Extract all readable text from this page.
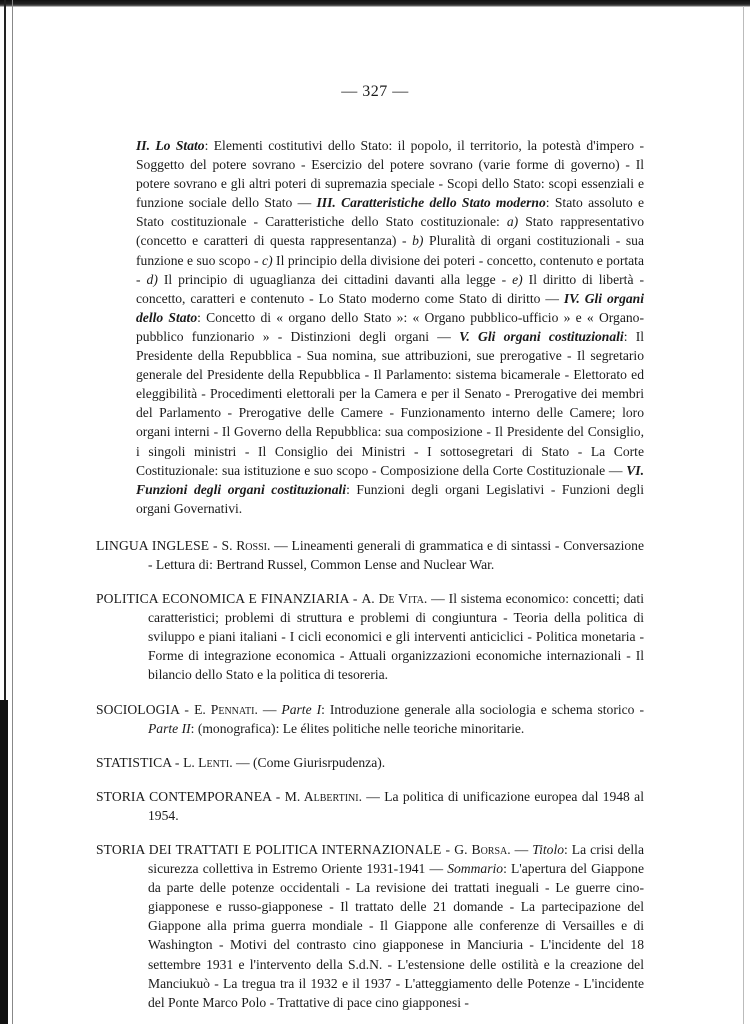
— 327 —

II. Lo Stato: Elementi costitutivi dello Stato: il popolo, il territorio, la potestà d'impero - Soggetto del potere sovrano - Esercizio del potere sovrano (varie forme di governo) - Il potere sovrano e gli altri poteri di supremazia speciale - Scopi dello Stato: scopi essenziali e funzione sociale dello Stato — III. Caratteristiche dello Stato moderno: Stato assoluto e Stato costituzionale - Caratteristiche dello Stato costituzionale: a) Stato rappresentativo (concetto e caratteri di questa rappresentanza) - b) Pluralità di organi costituzionali - sua funzione e suo scopo - c) Il principio della divisione dei poteri - concetto, contenuto e portata - d) Il principio di uguaglianza dei cittadini davanti alla legge - e) Il diritto di libertà - concetto, caratteri e contenuto - Lo Stato moderno come Stato di diritto — IV. Gli organi dello Stato: Concetto di « organo dello Stato »: « Organo pubblico-ufficio » e « Organo-pubblico funzionario » - Distinzioni degli organi — V. Gli organi costituzionali: Il Presidente della Repubblica - Sua nomina, sue attribuzioni, sue prerogative - Il segretario generale del Presidente della Repubblica - Il Parlamento: sistema bicamerale - Elettorato ed eleggibilità - Procedimenti elettorali per la Camera e per il Senato - Prerogative dei membri del Parlamento - Prerogative delle Camere - Funzionamento interno delle Camere; loro organi interni - Il Governo della Repubblica: sua composizione - Il Presidente del Consiglio, i singoli ministri - Il Consiglio dei Ministri - I sottosegretari di Stato - La Corte Costituzionale: sua istituzione e suo scopo - Composizione della Corte Costituzionale — VI. Funzioni degli organi costituzionali: Funzioni degli organi Legislativi - Funzioni degli organi Governativi.

LINGUA INGLESE - S. Rossi. — Lineamenti generali di grammatica e di sintassi - Conversazione - Lettura di: Bertrand Russel, Common Lense and Nuclear War.

POLITICA ECONOMICA E FINANZIARIA - A. De Vita. — Il sistema economico: concetti; dati caratteristici; problemi di struttura e problemi di congiuntura - Teoria della politica di sviluppo e piani italiani - I cicli economici e gli interventi anticiclici - Politica monetaria - Forme di integrazione economica - Attuali organizzazioni economiche internazionali - Il bilancio dello Stato e la politica di tesoreria.

SOCIOLOGIA - E. Pennati. — Parte I: Introduzione generale alla sociologia e schema storico - Parte II: (monografica): Le élites politiche nelle teoriche minoritarie.

STATISTICA - L. Lenti. — (Come Giurisrpudenza).

STORIA CONTEMPORANEA - M. Albertini. — La politica di unificazione europea dal 1948 al 1954.

STORIA DEI TRATTATI E POLITICA INTERNAZIONALE - G. Borsa. — Titolo: La crisi della sicurezza collettiva in Estremo Oriente 1931-1941 — Sommario: L'apertura del Giappone da parte delle potenze occidentali - La revisione dei trattati ineguali - Le guerre cino-giapponese e russo-giapponese - Il trattato delle 21 domande - La partecipazione del Giappone alla prima guerra mondiale - Il Giappone alle conferenze di Versailles e di Washington - Motivi del contrasto cino giapponese in Manciuria - L'incidente del 18 settembre 1931 e l'intervento della S.d.N. - L'estensione delle ostilità e la creazione del Manciukuò - La tregua tra il 1932 e il 1937 - L'atteggiamento delle Potenze - L'incidente del Ponte Marco Polo - Trattative di pace cino giapponesi -
